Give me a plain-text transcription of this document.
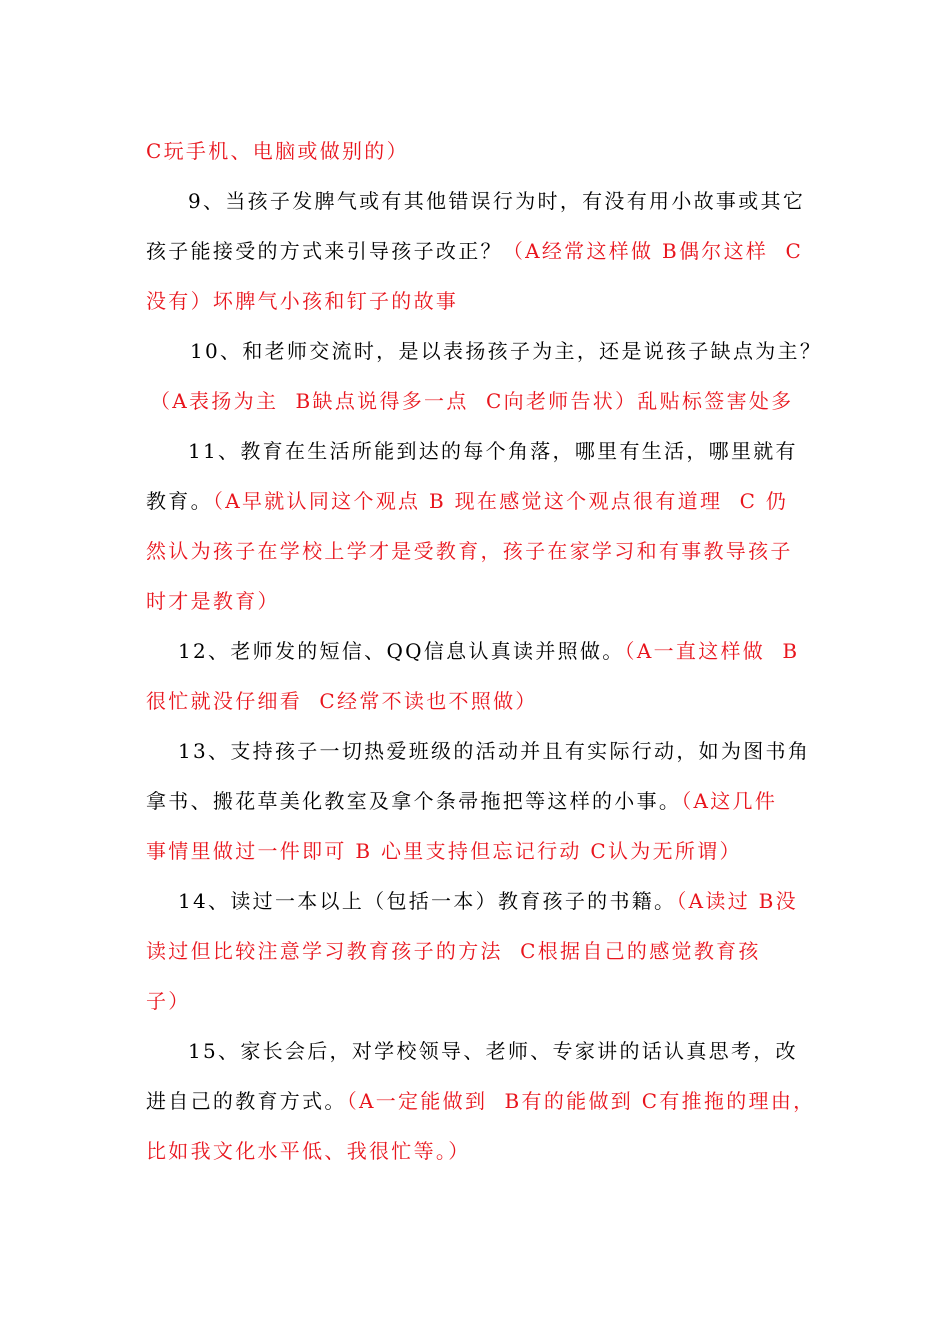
C玩手机、电脑或做别的）
9、当孩子发脾气或有其他错误行为时，有没有用小故事或其它
孩子能接受的方式来引导孩子改正？（A经常这样做 B偶尔这样  C
没有）坏脾气小孩和钉子的故事
10、和老师交流时，是以表扬孩子为主，还是说孩子缺点为主？
（A表扬为主  B缺点说得多一点  C向老师告状）乱贴标签害处多
11、教育在生活所能到达的每个角落，哪里有生活，哪里就有
教育。（A早就认同这个观点 B 现在感觉这个观点很有道理  C 仍
然认为孩子在学校上学才是受教育，孩子在家学习和有事教导孩子
时才是教育）
12、老师发的短信、QQ信息认真读并照做。（A一直这样做  B
很忙就没仔细看  C经常不读也不照做）
13、支持孩子一切热爱班级的活动并且有实际行动，如为图书角
拿书、搬花草美化教室及拿个条帚拖把等这样的小事。（A这几件
事情里做过一件即可 B 心里支持但忘记行动 C认为无所谓）
14、读过一本以上（包括一本）教育孩子的书籍。（A读过 B没
读过但比较注意学习教育孩子的方法  C根据自己的感觉教育孩
子）
15、家长会后，对学校领导、老师、专家讲的话认真思考，改
进自己的教育方式。（A一定能做到  B有的能做到 C有推拖的理由，
比如我文化水平低、我很忙等。）
